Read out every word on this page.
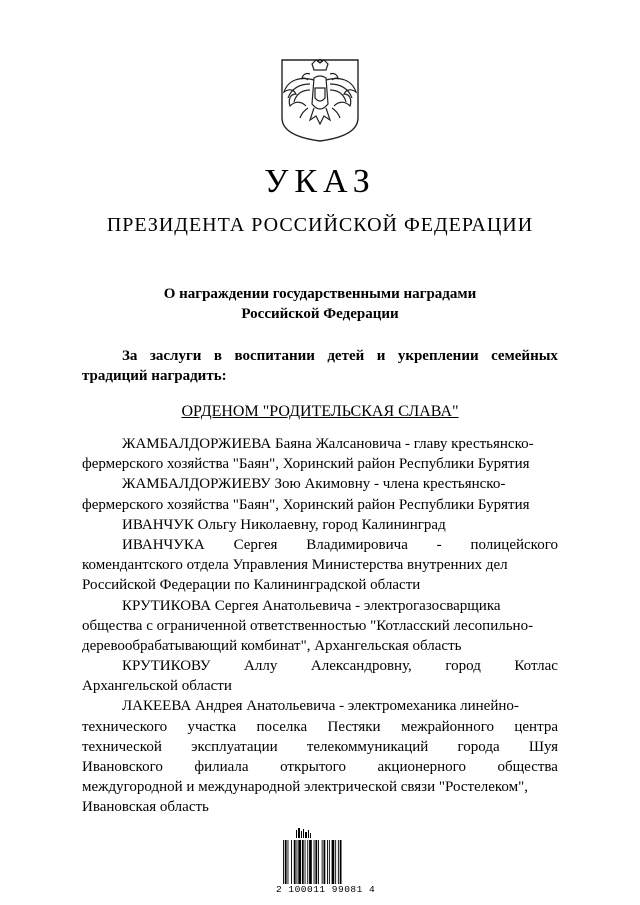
УКАЗ
ПРЕЗИДЕНТА РОССИЙСКОЙ ФЕДЕРАЦИИ
О награждении государственными наградами
Российской Федерации
За заслуги в воспитании детей и укреплении семейных
традиций наградить:
ОРДЕНОМ "РОДИТЕЛЬСКАЯ СЛАВА"
ЖАМБАЛДОРЖИЕВА Баяна Жалсановича - главу крестьянско-
фермерского хозяйства "Баян", Хоринский район Республики Бурятия
ЖАМБАЛДОРЖИЕВУ Зою Акимовну - члена крестьянско-
фермерского хозяйства "Баян", Хоринский район Республики Бурятия
ИВАНЧУК Ольгу Николаевну, город Калининград
ИВАНЧУКА Сергея Владимировича - полицейского
комендантского отдела Управления Министерства внутренних дел
Российской Федерации по Калининградской области
КРУТИКОВА Сергея Анатольевича - электрогазосварщика
общества с ограниченной ответственностью "Котласский лесопильно-
деревообрабатывающий комбинат", Архангельская область
КРУТИКОВУ Аллу Александровну, город Котлас
Архангельской области
ЛАКЕЕВА Андрея Анатольевича - электромеханика линейно-
технического участка поселка Пестяки межрайонного центра
технической эксплуатации телекоммуникаций города Шуя
Ивановского филиала открытого акционерного общества
междугородной и международной электрической связи "Ростелеком",
Ивановская область
2 100011 99081 4
